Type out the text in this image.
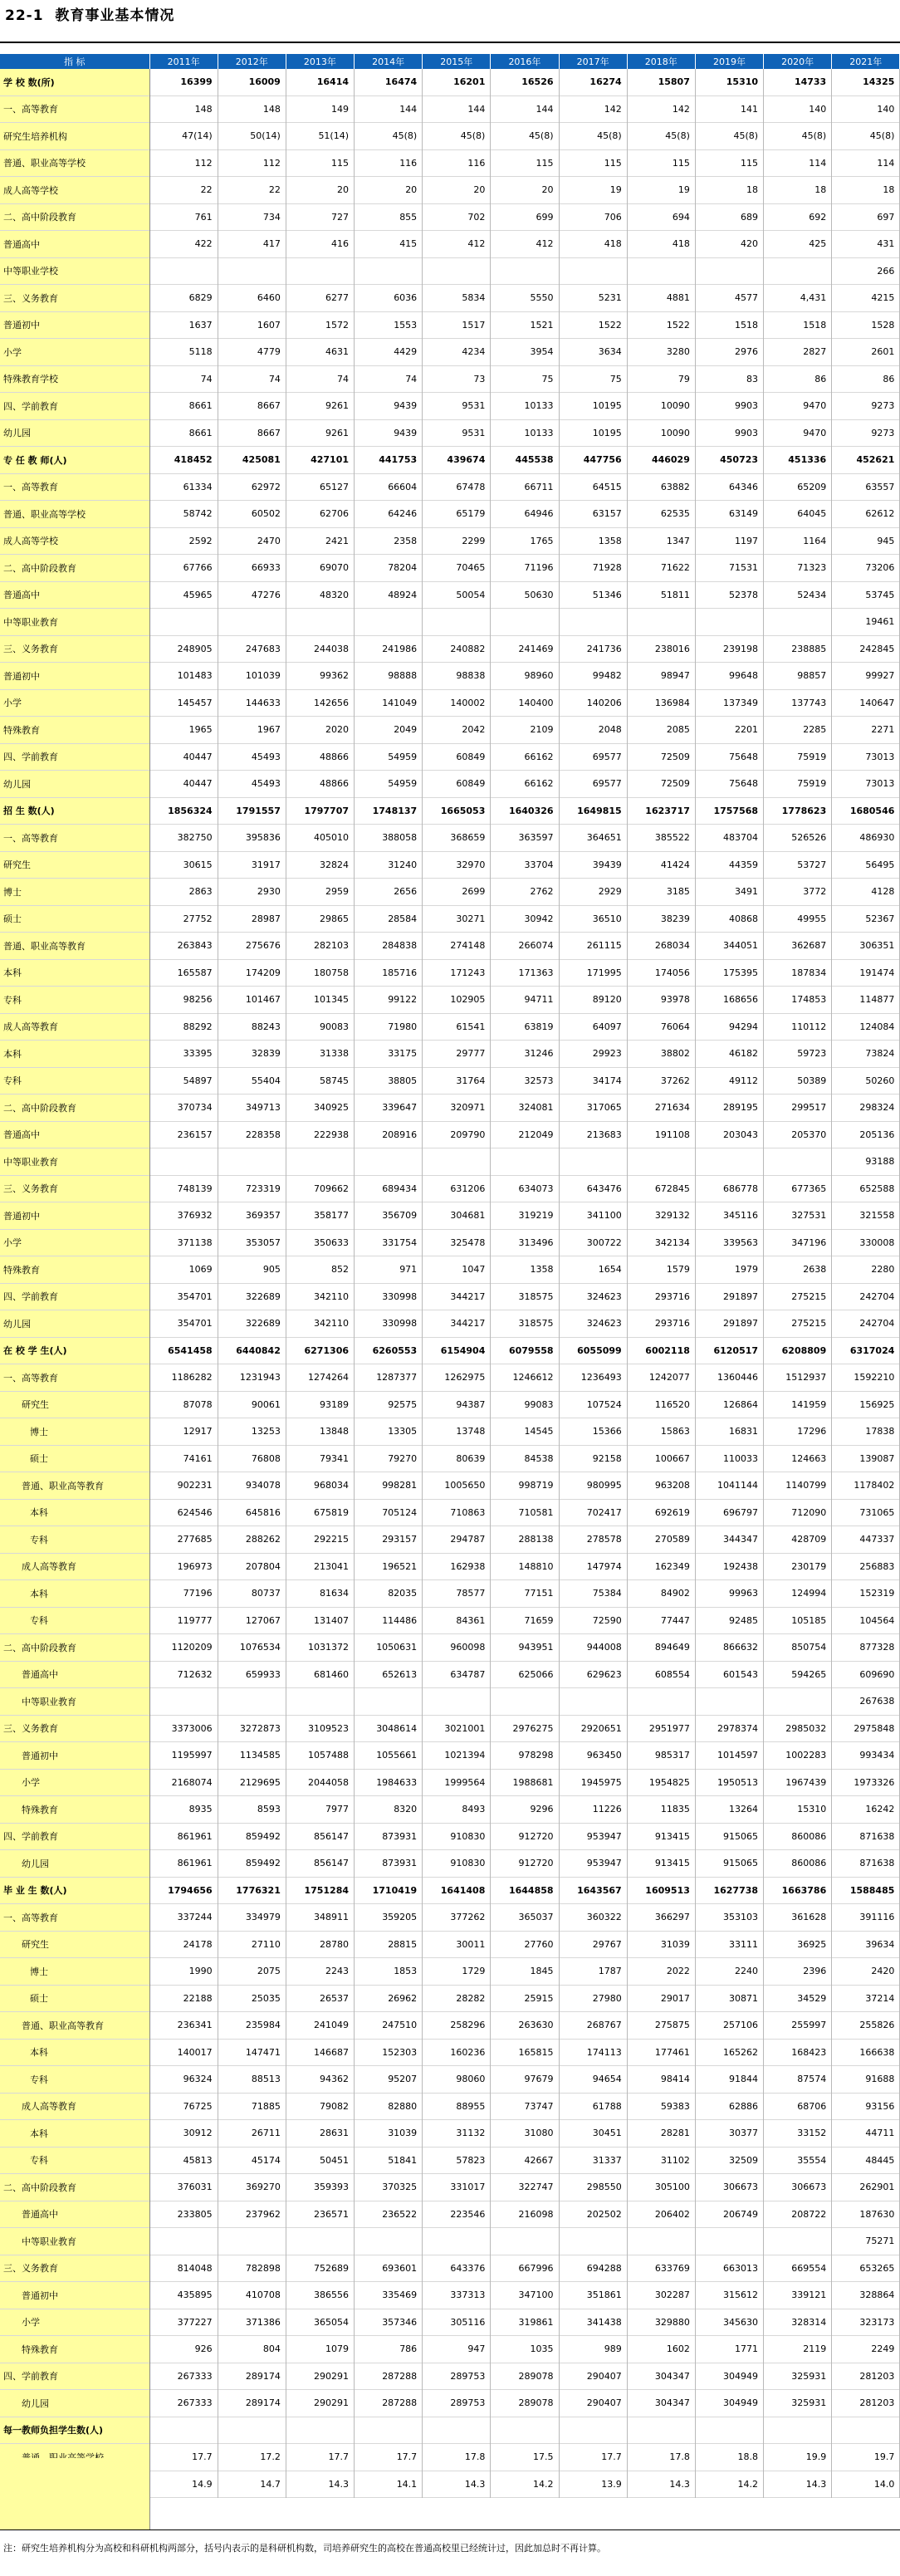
22-1  教育事业基本情况
指 标	2011年	2012年	2013年	2014年	2015年	2016年	2017年	2018年	2019年	2020年	2021年
学 校 数(所)	16399	16009	16414	16474	16201	16526	16274	15807	15310	14733	14325
一、高等教育	148	148	149	144	144	144	142	142	141	140	140
研究生培养机构	47(14)	50(14)	51(14)	45(8)	45(8)	45(8)	45(8)	45(8)	45(8)	45(8)	45(8)
普通、职业高等学校	112	112	115	116	116	115	115	115	115	114	114
成人高等学校	22	22	20	20	20	20	19	19	18	18	18
二、高中阶段教育	761	734	727	855	702	699	706	694	689	692	697
普通高中	422	417	416	415	412	412	418	418	420	425	431
中等职业学校											266
三、义务教育	6829	6460	6277	6036	5834	5550	5231	4881	4577	4,431	4215
普通初中	1637	1607	1572	1553	1517	1521	1522	1522	1518	1518	1528
小学	5118	4779	4631	4429	4234	3954	3634	3280	2976	2827	2601
特殊教育学校	74	74	74	74	73	75	75	79	83	86	86
四、学前教育	8661	8667	9261	9439	9531	10133	10195	10090	9903	9470	9273
幼儿园	8661	8667	9261	9439	9531	10133	10195	10090	9903	9470	9273
专 任 教 师(人)	418452	425081	427101	441753	439674	445538	447756	446029	450723	451336	452621
一、高等教育	61334	62972	65127	66604	67478	66711	64515	63882	64346	65209	63557
普通、职业高等学校	58742	60502	62706	64246	65179	64946	63157	62535	63149	64045	62612
成人高等学校	2592	2470	2421	2358	2299	1765	1358	1347	1197	1164	945
二、高中阶段教育	67766	66933	69070	78204	70465	71196	71928	71622	71531	71323	73206
普通高中	45965	47276	48320	48924	50054	50630	51346	51811	52378	52434	53745
中等职业教育											19461
三、义务教育	248905	247683	244038	241986	240882	241469	241736	238016	239198	238885	242845
普通初中	101483	101039	99362	98888	98838	98960	99482	98947	99648	98857	99927
小学	145457	144633	142656	141049	140002	140400	140206	136984	137349	137743	140647
特殊教育	1965	1967	2020	2049	2042	2109	2048	2085	2201	2285	2271
四、学前教育	40447	45493	48866	54959	60849	66162	69577	72509	75648	75919	73013
幼儿园	40447	45493	48866	54959	60849	66162	69577	72509	75648	75919	73013
招 生 数(人)	1856324	1791557	1797707	1748137	1665053	1640326	1649815	1623717	1757568	1778623	1680546
一、高等教育	382750	395836	405010	388058	368659	363597	364651	385522	483704	526526	486930
研究生	30615	31917	32824	31240	32970	33704	39439	41424	44359	53727	56495
博士	2863	2930	2959	2656	2699	2762	2929	3185	3491	3772	4128
硕士	27752	28987	29865	28584	30271	30942	36510	38239	40868	49955	52367
普通、职业高等教育	263843	275676	282103	284838	274148	266074	261115	268034	344051	362687	306351
本科	165587	174209	180758	185716	171243	171363	171995	174056	175395	187834	191474
专科	98256	101467	101345	99122	102905	94711	89120	93978	168656	174853	114877
成人高等教育	88292	88243	90083	71980	61541	63819	64097	76064	94294	110112	124084
本科	33395	32839	31338	33175	29777	31246	29923	38802	46182	59723	73824
专科	54897	55404	58745	38805	31764	32573	34174	37262	49112	50389	50260
二、高中阶段教育	370734	349713	340925	339647	320971	324081	317065	271634	289195	299517	298324
普通高中	236157	228358	222938	208916	209790	212049	213683	191108	203043	205370	205136
中等职业教育											93188
三、义务教育	748139	723319	709662	689434	631206	634073	643476	672845	686778	677365	652588
普通初中	376932	369357	358177	356709	304681	319219	341100	329132	345116	327531	321558
小学	371138	353057	350633	331754	325478	313496	300722	342134	339563	347196	330008
特殊教育	1069	905	852	971	1047	1358	1654	1579	1979	2638	2280
四、学前教育	354701	322689	342110	330998	344217	318575	324623	293716	291897	275215	242704
幼儿园	354701	322689	342110	330998	344217	318575	324623	293716	291897	275215	242704
在 校 学 生(人)	6541458	6440842	6271306	6260553	6154904	6079558	6055099	6002118	6120517	6208809	6317024
一、高等教育	1186282	1231943	1274264	1287377	1262975	1246612	1236493	1242077	1360446	1512937	1592210
研究生	87078	90061	93189	92575	94387	99083	107524	116520	126864	141959	156925
博士	12917	13253	13848	13305	13748	14545	15366	15863	16831	17296	17838
硕士	74161	76808	79341	79270	80639	84538	92158	100667	110033	124663	139087
普通、职业高等教育	902231	934078	968034	998281	1005650	998719	980995	963208	1041144	1140799	1178402
本科	624546	645816	675819	705124	710863	710581	702417	692619	696797	712090	731065
专科	277685	288262	292215	293157	294787	288138	278578	270589	344347	428709	447337
成人高等教育	196973	207804	213041	196521	162938	148810	147974	162349	192438	230179	256883
本科	77196	80737	81634	82035	78577	77151	75384	84902	99963	124994	152319
专科	119777	127067	131407	114486	84361	71659	72590	77447	92485	105185	104564
二、高中阶段教育	1120209	1076534	1031372	1050631	960098	943951	944008	894649	866632	850754	877328
普通高中	712632	659933	681460	652613	634787	625066	629623	608554	601543	594265	609690
中等职业教育											267638
三、义务教育	3373006	3272873	3109523	3048614	3021001	2976275	2920651	2951977	2978374	2985032	2975848
普通初中	1195997	1134585	1057488	1055661	1021394	978298	963450	985317	1014597	1002283	993434
小学	2168074	2129695	2044058	1984633	1999564	1988681	1945975	1954825	1950513	1967439	1973326
特殊教育	8935	8593	7977	8320	8493	9296	11226	11835	13264	15310	16242
四、学前教育	861961	859492	856147	873931	910830	912720	953947	913415	915065	860086	871638
幼儿园	861961	859492	856147	873931	910830	912720	953947	913415	915065	860086	871638
毕 业 生 数(人)	1794656	1776321	1751284	1710419	1641408	1644858	1643567	1609513	1627738	1663786	1588485
一、高等教育	337244	334979	348911	359205	377262	365037	360322	366297	353103	361628	391116
研究生	24178	27110	28780	28815	30011	27760	29767	31039	33111	36925	39634
博士	1990	2075	2243	1853	1729	1845	1787	2022	2240	2396	2420
硕士	22188	25035	26537	26962	28282	25915	27980	29017	30871	34529	37214
普通、职业高等教育	236341	235984	241049	247510	258296	263630	268767	275875	257106	255997	255826
本科	140017	147471	146687	152303	160236	165815	174113	177461	165262	168423	166638
专科	96324	88513	94362	95207	98060	97679	94654	98414	91844	87574	91688
成人高等教育	76725	71885	79082	82880	88955	73747	61788	59383	62886	68706	93156
本科	30912	26711	28631	31039	31132	31080	30451	28281	30377	33152	44711
专科	45813	45174	50451	51841	57823	42667	31337	31102	32509	35554	48445
二、高中阶段教育	376031	369270	359393	370325	331017	322747	298550	305100	306673	306673	262901
普通高中	233805	237962	236571	236522	223546	216098	202502	206402	206749	208722	187630
中等职业教育											75271
三、义务教育	814048	782898	752689	693601	643376	667996	694288	633769	663013	669554	653265
普通初中	435895	410708	386556	335469	337313	347100	351861	302287	315612	339121	328864
小学	377227	371386	365054	357346	305116	319861	341438	329880	345630	328314	323173
特殊教育	926	804	1079	786	947	1035	989	1602	1771	2119	2249
四、学前教育	267333	289174	290291	287288	289753	289078	290407	304347	304949	325931	281203
幼儿园	267333	289174	290291	287288	289753	289078	290407	304347	304949	325931	281203
每一教师负担学生数(人)											
	17.7	17.2	17.7	17.7	17.8	17.5	17.7	17.8	18.8	19.9	19.7
	14.9	14.7	14.3	14.1	14.3	14.2	13.9	14.3	14.2	14.3	14.0
注：研究生培养机构分为高校和科研机构两部分，括号内表示的是科研机构数，司培养研究生的高校在普通高校里已经统计过，因此加总时不再计算。
